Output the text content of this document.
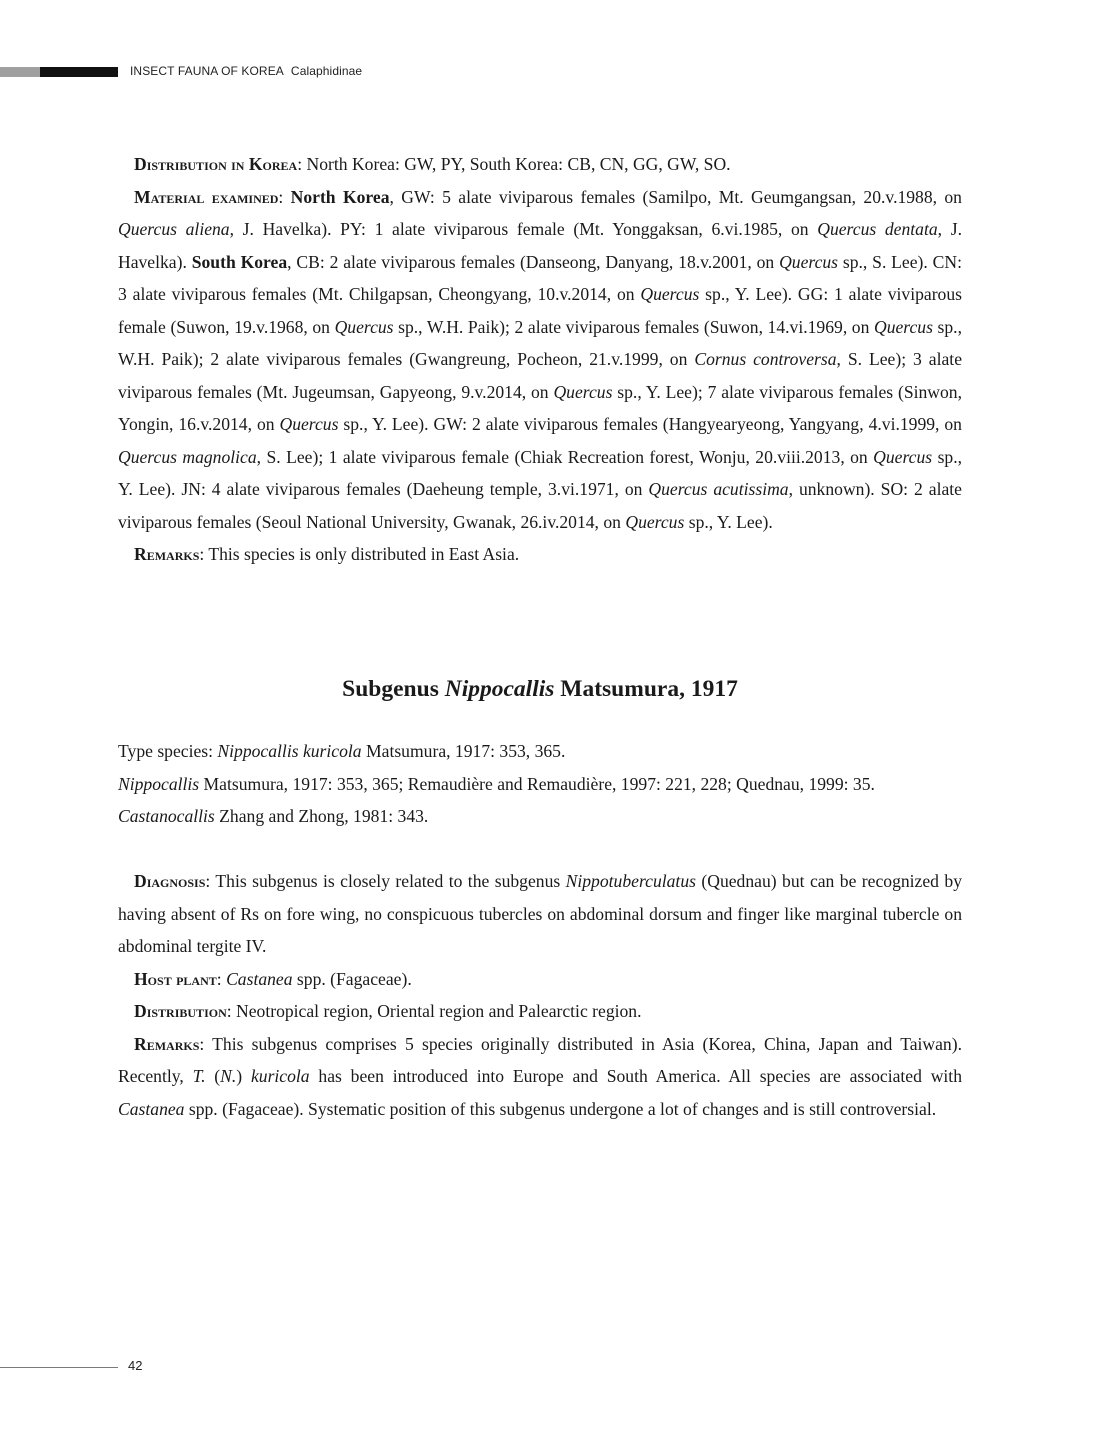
INSECT FAUNA OF KOREA Calaphidinae

Distribution in Korea: North Korea: GW, PY, South Korea: CB, CN, GG, GW, SO.

Material examined: North Korea, GW: 5 alate viviparous females (Samilpo, Mt. Geumgangsan, 20.v.1988, on Quercus aliena, J. Havelka). PY: 1 alate viviparous female (Mt. Yonggaksan, 6.vi.1985, on Quercus dentata, J. Havelka). South Korea, CB: 2 alate viviparous females (Danseong, Danyang, 18.v.2001, on Quercus sp., S. Lee). CN: 3 alate viviparous females (Mt. Chilgapsan, Cheongyang, 10.v.2014, on Quercus sp., Y. Lee). GG: 1 alate viviparous female (Suwon, 19.v.1968, on Quercus sp., W.H. Paik); 2 alate viviparous females (Suwon, 14.vi.1969, on Quercus sp., W.H. Paik); 2 alate viviparous females (Gwangreung, Pocheon, 21.v.1999, on Cornus controversa, S. Lee); 3 alate viviparous females (Mt. Jugeumsan, Gapyeong, 9.v.2014, on Quercus sp., Y. Lee); 7 alate viviparous females (Sinwon, Yongin, 16.v.2014, on Quercus sp., Y. Lee). GW: 2 alate viviparous females (Hangyearyeong, Yangyang, 4.vi.1999, on Quercus magnolica, S. Lee); 1 alate viviparous female (Chiak Recreation forest, Wonju, 20.viii.2013, on Quercus sp., Y. Lee). JN: 4 alate viviparous females (Daeheung temple, 3.vi.1971, on Quercus acutissima, unknown). SO: 2 alate viviparous females (Seoul National University, Gwanak, 26.iv.2014, on Quercus sp., Y. Lee).

Remarks: This species is only distributed in East Asia.

Subgenus Nippocallis Matsumura, 1917

Type species: Nippocallis kuricola Matsumura, 1917: 353, 365.

Nippocallis Matsumura, 1917: 353, 365; Remaudière and Remaudière, 1997: 221, 228; Quednau, 1999: 35.

Castanocallis Zhang and Zhong, 1981: 343.

Diagnosis: This subgenus is closely related to the subgenus Nippotuberculatus (Quednau) but can be recognized by having absent of Rs on fore wing, no conspicuous tubercles on abdominal dorsum and finger like marginal tubercle on abdominal tergite IV.

Host plant: Castanea spp. (Fagaceae).

Distribution: Neotropical region, Oriental region and Palearctic region.

Remarks: This subgenus comprises 5 species originally distributed in Asia (Korea, China, Japan and Taiwan). Recently, T. (N.) kuricola has been introduced into Europe and South America. All species are associated with Castanea spp. (Fagaceae). Systematic position of this subgenus undergone a lot of changes and is still controversial.

42
